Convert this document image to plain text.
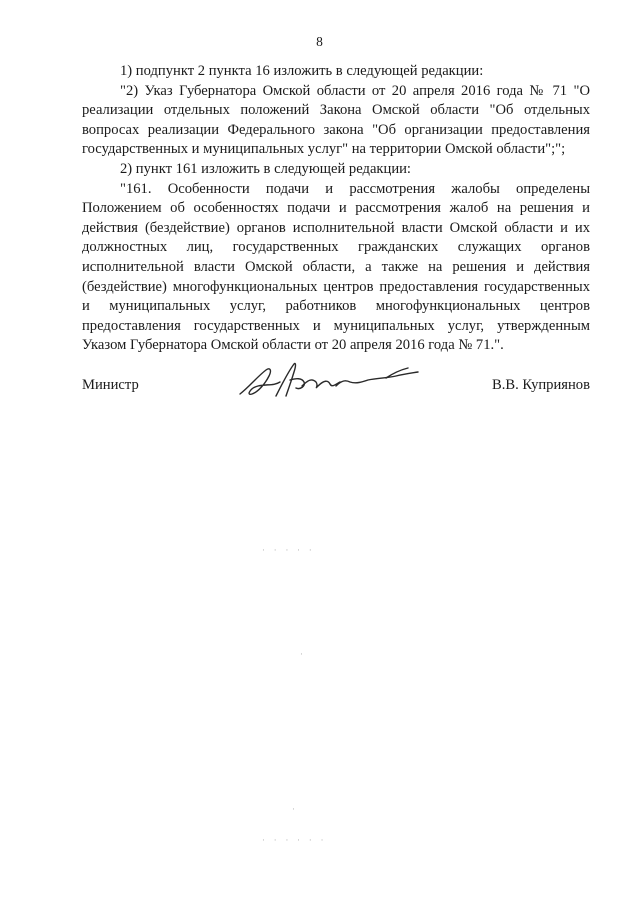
8

1) подпункт 2 пункта 16 изложить в следующей редакции:

"2) Указ Губернатора Омской области от 20 апреля 2016 года № 71 "О реализации отдельных положений Закона Омской области "Об отдельных вопросах реализации Федерального закона "Об организации предоставления государственных и муниципальных услуг" на территории Омской области";";

2) пункт 161 изложить в следующей редакции:

"161. Особенности подачи и рассмотрения жалобы определены Положением об особенностях подачи и рассмотрения жалоб на решения и действия (бездействие) органов исполнительной власти Омской области и их должностных лиц, государственных гражданских служащих органов исполнительной власти Омской области, а также на решения и действия (бездействие) многофункциональных центров предоставления государственных и муниципальных услуг, работников многофункциональных центров предоставления государственных и муниципальных услуг, утвержденным Указом Губернатора Омской области от 20 апреля 2016 года № 71.".

Министр	В.В. Куприянов
· · · · ·
·
·
· · · · · ·
